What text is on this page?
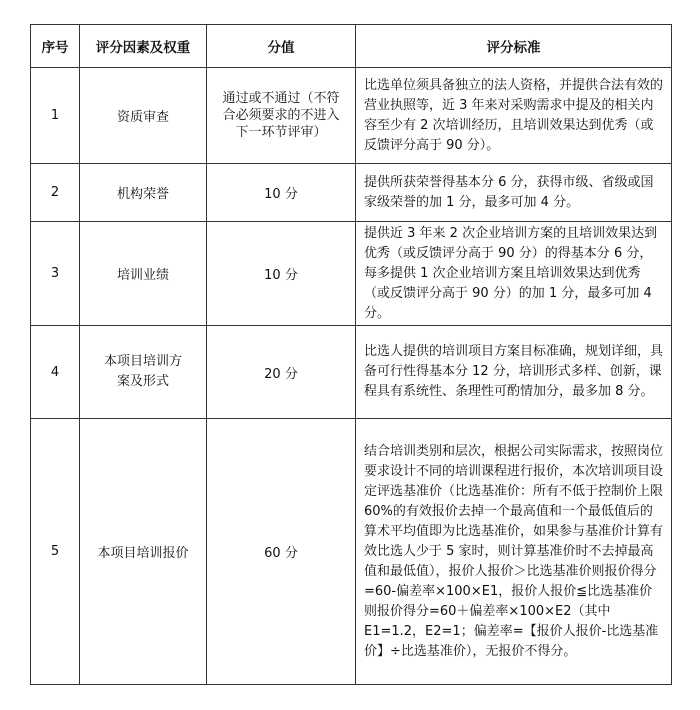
序号	评分因素及权重	分值	评分标准
1	资质审查	通过或不通过（不符合必须要求的不进入下一环节评审）	比选单位须具备独立的法人资格，并提供合法有效的营业执照等，近 3 年来对采购需求中提及的相关内容至少有 2 次培训经历，且培训效果达到优秀（或反馈评分高于 90 分）。
2	机构荣誉	10 分	提供所获荣誉得基本分 6 分，获得市级、省级或国家级荣誉的加 1 分，最多可加 4 分。
3	培训业绩	10 分	提供近 3 年来 2 次企业培训方案的且培训效果达到优秀（或反馈评分高于 90 分）的得基本分 6 分，每多提供 1 次企业培训方案且培训效果达到优秀（或反馈评分高于 90 分）的加 1 分，最多可加 4 分。
4	本项目培训方案及形式	20 分	比选人提供的培训项目方案目标准确，规划详细，具备可行性得基本分 12 分，培训形式多样、创新，课程具有系统性、条理性可酌情加分，最多加 8 分。
5	本项目培训报价	60 分	结合培训类别和层次，根据公司实际需求，按照岗位要求设计不同的培训课程进行报价，本次培训项目设定评选基准价（比选基准价：所有不低于控制价上限 60%的有效报价去掉一个最高值和一个最低值后的算术平均值即为比选基准价，如果参与基准价计算有效比选人少于 5 家时，则计算基准价时不去掉最高值和最低值），报价人报价＞比选基准价则报价得分=60-偏差率×100×E1，报价人报价≦比选基准价则报价得分=60＋偏差率×100×E2（其中 E1=1.2，E2=1；偏差率=【报价人报价-比选基准价】÷比选基准价），无报价不得分。
